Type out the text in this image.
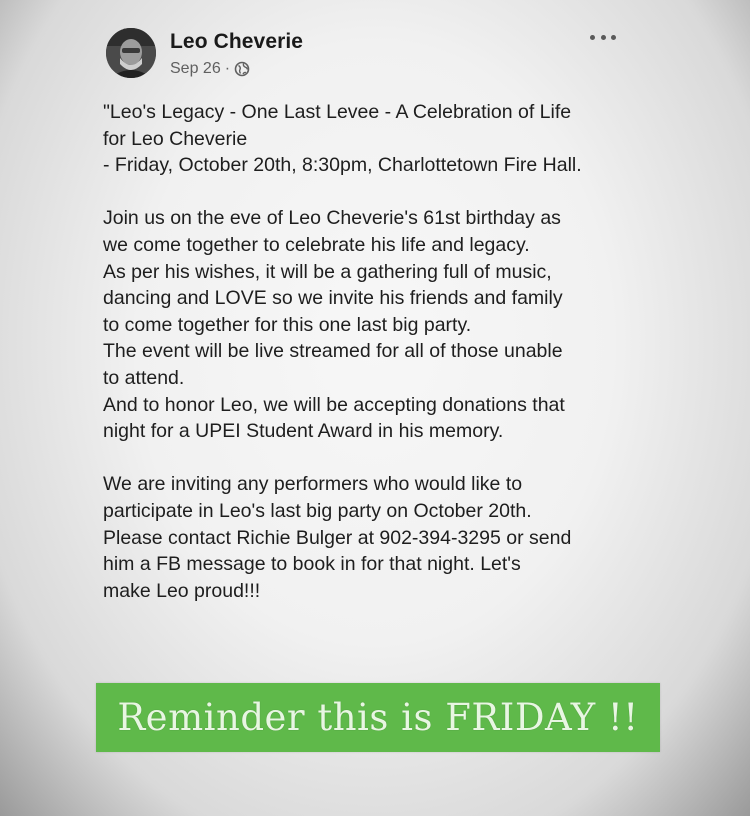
Leo Cheverie
Sep 26 ·
"Leo's Legacy - One Last Levee - A Celebration of Life
for Leo Cheverie
- Friday, October 20th, 8:30pm, Charlottetown Fire Hall.
Join us on the eve of Leo Cheverie's 61st birthday as
we come together to celebrate his life and legacy.
As per his wishes, it will be a gathering full of music,
dancing and LOVE so we invite his friends and family
to come together for this one last big party.
The event will be live streamed for all of those unable
to attend.
And to honor Leo, we will be accepting donations that
night for a UPEI Student Award in his memory.
We are inviting any performers who would like to
participate in Leo's last big party on October 20th.
Please contact Richie Bulger at 902-394-3295 or send
him a FB message to book in for that night. Let's
make Leo proud!!!
Reminder this is FRIDAY !!
